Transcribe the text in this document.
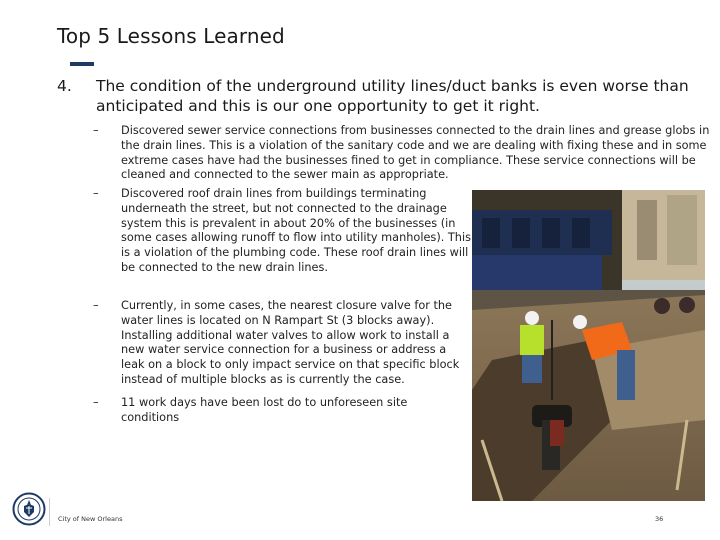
Top 5 Lessons Learned
4. The condition of the underground utility lines/duct banks is even worse than anticipated and this is our one opportunity to get it right.
– Discovered sewer service connections from businesses connected to the drain lines and grease globs in the drain lines. This is a violation of the sanitary code and we are dealing with fixing these and in some extreme cases have had the businesses fined to get in compliance. These service connections will be cleaned and connected to the sewer main as appropriate.
– Discovered roof drain lines from buildings terminating underneath the street, but not connected to the drainage system this is prevalent in about 20% of the businesses (in some cases allowing runoff to flow into utility manholes). This is a violation of the plumbing code. These roof drain lines will be connected to the new drain lines.
– Currently, in some cases, the nearest closure valve for the water lines is located on N Rampart St (3 blocks away). Installing additional water valves to allow work to install a new water service connection for a business or address a leak on a block to only impact service on that specific block instead of multiple blocks as is currently the case.
– 11 work days have been lost do to unforeseen site conditions
City of New Orleans	36
